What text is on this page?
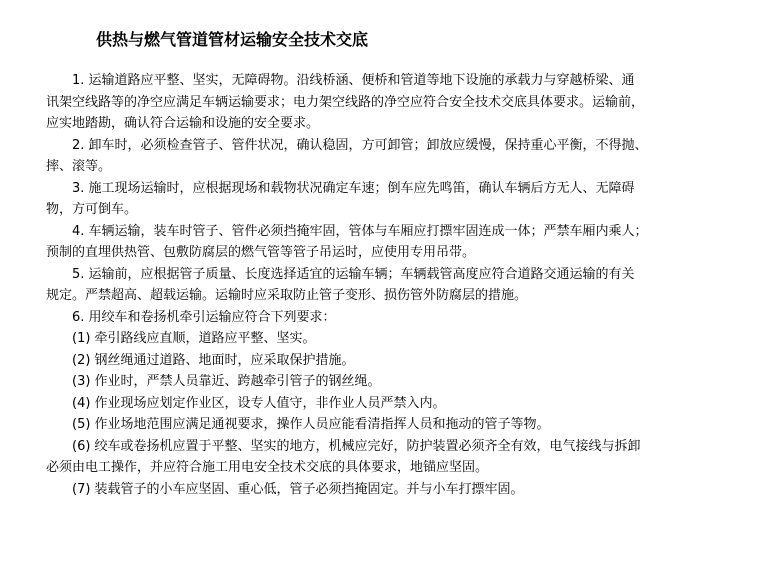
供热与燃气管道管材运输安全技术交底
1. 运输道路应平整、坚实，无障碍物。沿线桥涵、便桥和管道等地下设施的承载力与穿越桥梁、通
讯架空线路等的净空应满足车辆运输要求；电力架空线路的净空应符合安全技术交底具体要求。运输前，
应实地踏勘，确认符合运输和设施的安全要求。
2. 卸车时，必须检查管子、管件状况，确认稳固，方可卸管；卸放应缓慢，保持重心平衡，不得抛、
摔、滚等。
3. 施工现场运输时，应根据现场和载物状况确定车速；倒车应先鸣笛，确认车辆后方无人、无障碍
物，方可倒车。
4. 车辆运输，装车时管子、管件必须挡掩牢固，管体与车厢应打摽牢固连成一体；严禁车厢内乘人；
预制的直埋供热管、包敷防腐层的燃气管等管子吊运时，应使用专用吊带。
5. 运输前，应根据管子质量、长度选择适宜的运输车辆；车辆载管高度应符合道路交通运输的有关
规定。严禁超高、超载运输。运输时应采取防止管子变形、损伤管外防腐层的措施。
6. 用绞车和卷扬机牵引运输应符合下列要求：
(1) 牵引路线应直顺，道路应平整、坚实。
(2) 钢丝绳通过道路、地面时，应采取保护措施。
(3) 作业时，严禁人员靠近、跨越牵引管子的钢丝绳。
(4) 作业现场应划定作业区，设专人值守，非作业人员严禁入内。
(5) 作业场地范围应满足通视要求，操作人员应能看清指挥人员和拖动的管子等物。
(6) 绞车或卷扬机应置于平整、坚实的地方，机械应完好，防护装置必须齐全有效，电气接线与拆卸
必须由电工操作，并应符合施工用电安全技术交底的具体要求，地锚应坚固。
(7) 装载管子的小车应坚固、重心低，管子必须挡掩固定。并与小车打摽牢固。
